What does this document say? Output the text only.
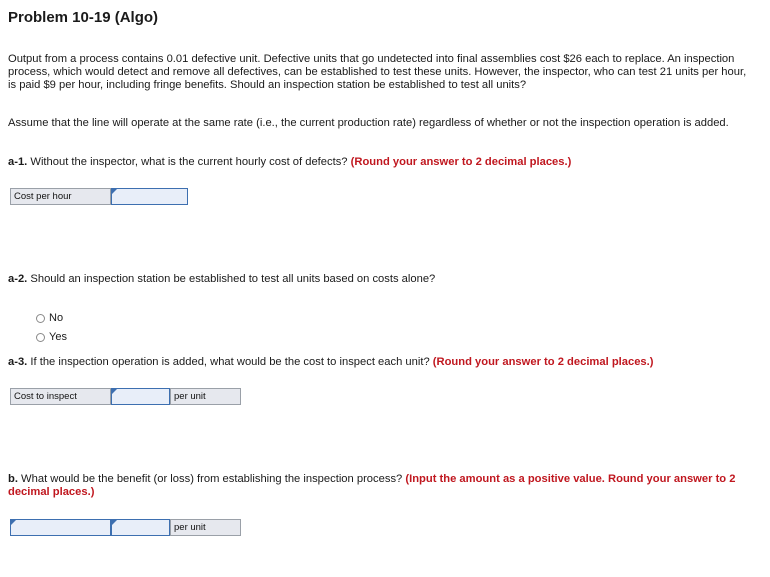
Problem 10-19 (Algo)

Output from a process contains 0.01 defective unit. Defective units that go undetected into final assemblies cost $26 each to replace. An inspection process, which would detect and remove all defectives, can be established to test these units. However, the inspector, who can test 21 units per hour, is paid $9 per hour, including fringe benefits. Should an inspection station be established to test all units?

Assume that the line will operate at the same rate (i.e., the current production rate) regardless of whether or not the inspection operation is added.

a-1. Without the inspector, what is the current hourly cost of defects? (Round your answer to 2 decimal places.)
Cost per hour
a-2. Should an inspection station be established to test all units based on costs alone?
No
Yes
a-3. If the inspection operation is added, what would be the cost to inspect each unit? (Round your answer to 2 decimal places.)
Cost to inspect	per unit
b. What would be the benefit (or loss) from establishing the inspection process? (Input the amount as a positive value. Round your answer to 2 decimal places.)
per unit
